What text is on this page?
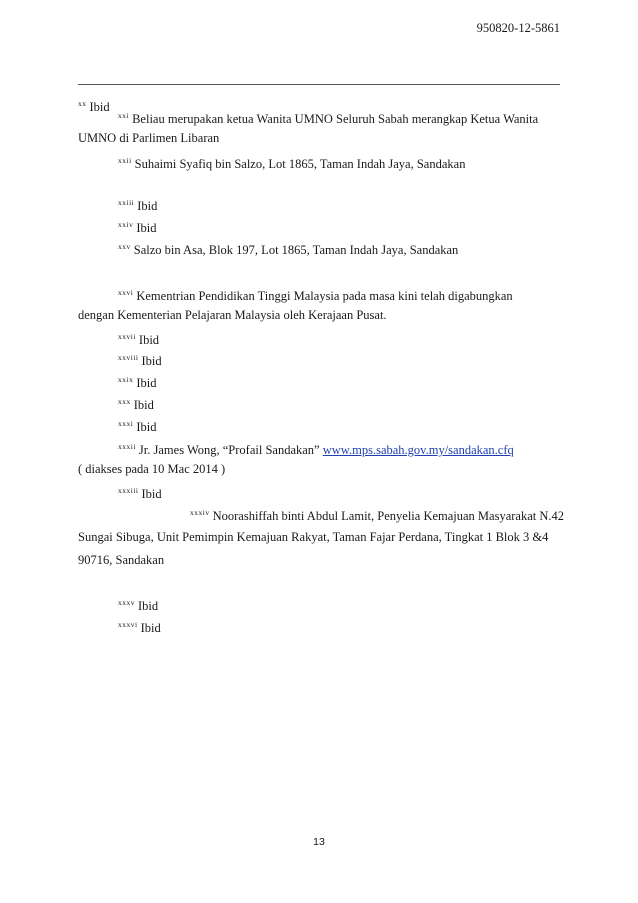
950820-12-5861
$^{xx}$ Ibid
$^{xxi}$ Beliau merupakan ketua Wanita UMNO Seluruh Sabah merangkap Ketua Wanita
UMNO di Parlimen Libaran
$^{xxii}$ Suhaimi Syafiq bin Salzo, Lot 1865, Taman Indah Jaya, Sandakan
$^{xxiii}$ Ibid
$^{xxiv}$ Ibid
$^{xxv}$ Salzo bin Asa, Blok 197, Lot 1865, Taman Indah Jaya, Sandakan
$^{xxvi}$ Kementrian Pendidikan Tinggi Malaysia pada masa kini telah digabungkan
dengan Kementerian Pelajaran Malaysia oleh Kerajaan Pusat.
$^{xxvii}$ Ibid
$^{xxviii}$ Ibid
$^{xxix}$ Ibid
$^{xxx}$ Ibid
$^{xxxi}$ Ibid
$^{xxxii}$ Jr. James Wong, “Profail Sandakan” www.mps.sabah.gov.my/sandakan.cfq
( diakses pada 10 Mac 2014 )
$^{xxxiii}$ Ibid
$^{xxxiv}$ Noorashiffah binti Abdul Lamit, Penyelia Kemajuan Masyarakat N.42
Sungai Sibuga, Unit Pemimpin Kemajuan Rakyat, Taman Fajar Perdana, Tingkat 1 Blok 3 &4
90716, Sandakan
$^{xxxv}$ Ibid
$^{xxxvi}$ Ibid
13
